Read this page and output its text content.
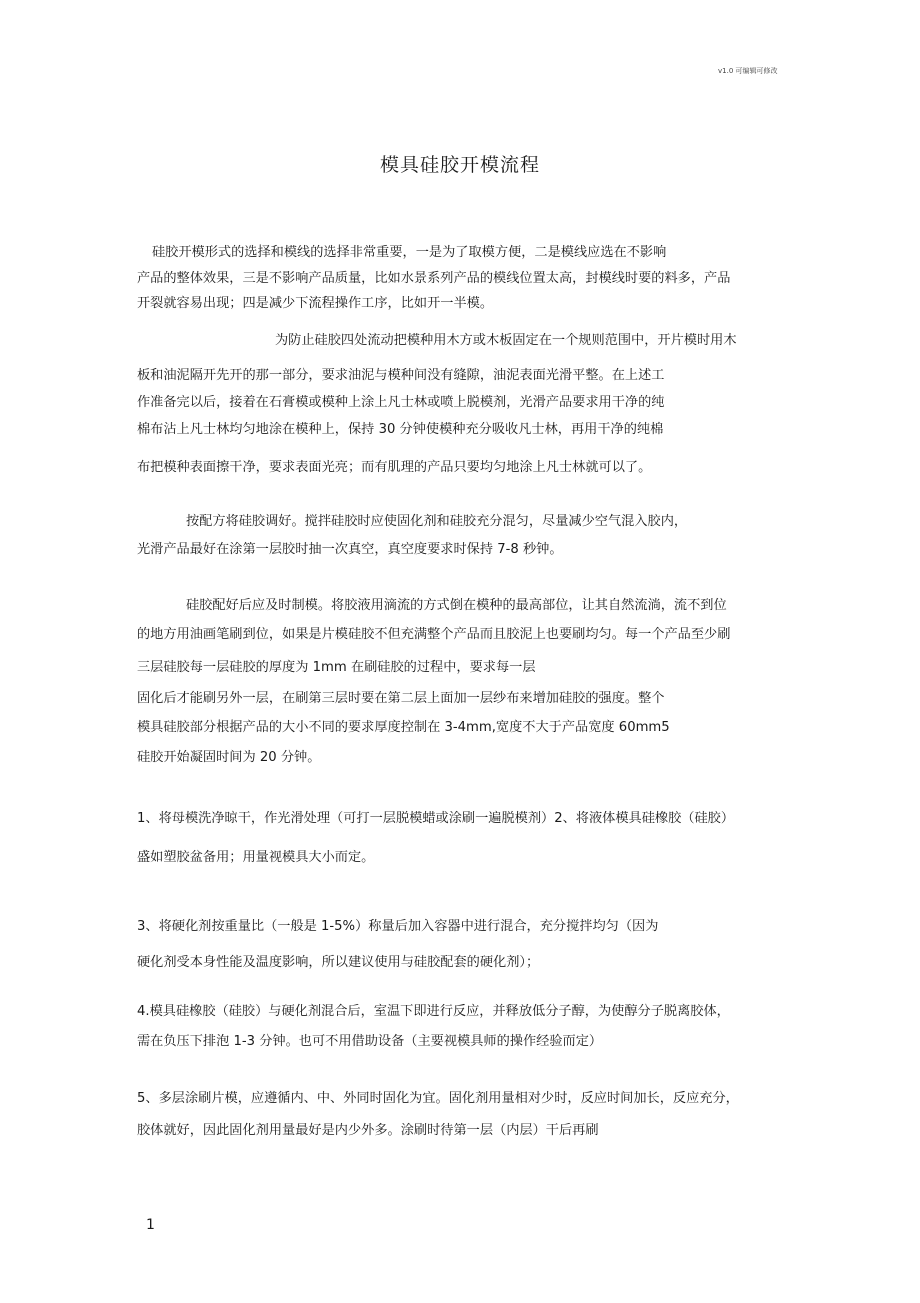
v1.0 可编辑可修改
模具硅胶开模流程
硅胶开模形式的选择和模线的选择非常重要，一是为了取模方便，二是模线应选在不影响
产品的整体效果，三是不影响产品质量，比如水景系列产品的模线位置太高，封模线时要的料多，产品
开裂就容易出现；四是减少下流程操作工序，比如开一半模。
为防止硅胶四处流动把模种用木方或木板固定在一个规则范围中，开片模时用木
板和油泥隔开先开的那一部分，要求油泥与模种间没有缝隙，油泥表面光滑平整。在上述工
作准备完以后，接着在石膏模或模种上涂上凡士林或喷上脱模剂，光滑产品要求用干净的纯
棉布沾上凡士林均匀地涂在模种上，保持 30 分钟使模种充分吸收凡士林，再用干净的纯棉
布把模种表面擦干净，要求表面光亮；而有肌理的产品只要均匀地涂上凡士林就可以了。
按配方将硅胶调好。搅拌硅胶时应使固化剂和硅胶充分混匀，尽量减少空气混入胶内，
光滑产品最好在涂第一层胶时抽一次真空，真空度要求时保持 7-8 秒钟。
硅胶配好后应及时制模。将胶液用滴流的方式倒在模种的最高部位，让其自然流淌，流不到位
的地方用油画笔刷到位，如果是片模硅胶不但充满整个产品而且胶泥上也要刷均匀。每一个产品至少刷
三层硅胶每一层硅胶的厚度为 1mm 在刷硅胶的过程中，要求每一层
固化后才能刷另外一层，在刷第三层时要在第二层上面加一层纱布来增加硅胶的强度。整个
模具硅胶部分根据产品的大小不同的要求厚度控制在 3-4mm,宽度不大于产品宽度 60mm5
硅胶开始凝固时间为 20 分钟。
1、将母模洗净晾干，作光滑处理（可打一层脱模蜡或涂刷一遍脱模剂）2、将液体模具硅橡胶（硅胶）
盛如塑胶盆备用；用量视模具大小而定。
3、将硬化剂按重量比（一般是 1-5%）称量后加入容器中进行混合，充分搅拌均匀（因为
硬化剂受本身性能及温度影响，所以建议使用与硅胶配套的硬化剂）；
4.模具硅橡胶（硅胶）与硬化剂混合后，室温下即进行反应，并释放低分子醇，为使醇分子脱离胶体，
需在负压下排泡 1-3 分钟。也可不用借助设备（主要视模具师的操作经验而定）
5、多层涂刷片模，应遵循内、中、外同时固化为宜。固化剂用量相对少时，反应时间加长，反应充分，
胶体就好，因此固化剂用量最好是内少外多。涂刷时待第一层（内层）干后再刷
1
